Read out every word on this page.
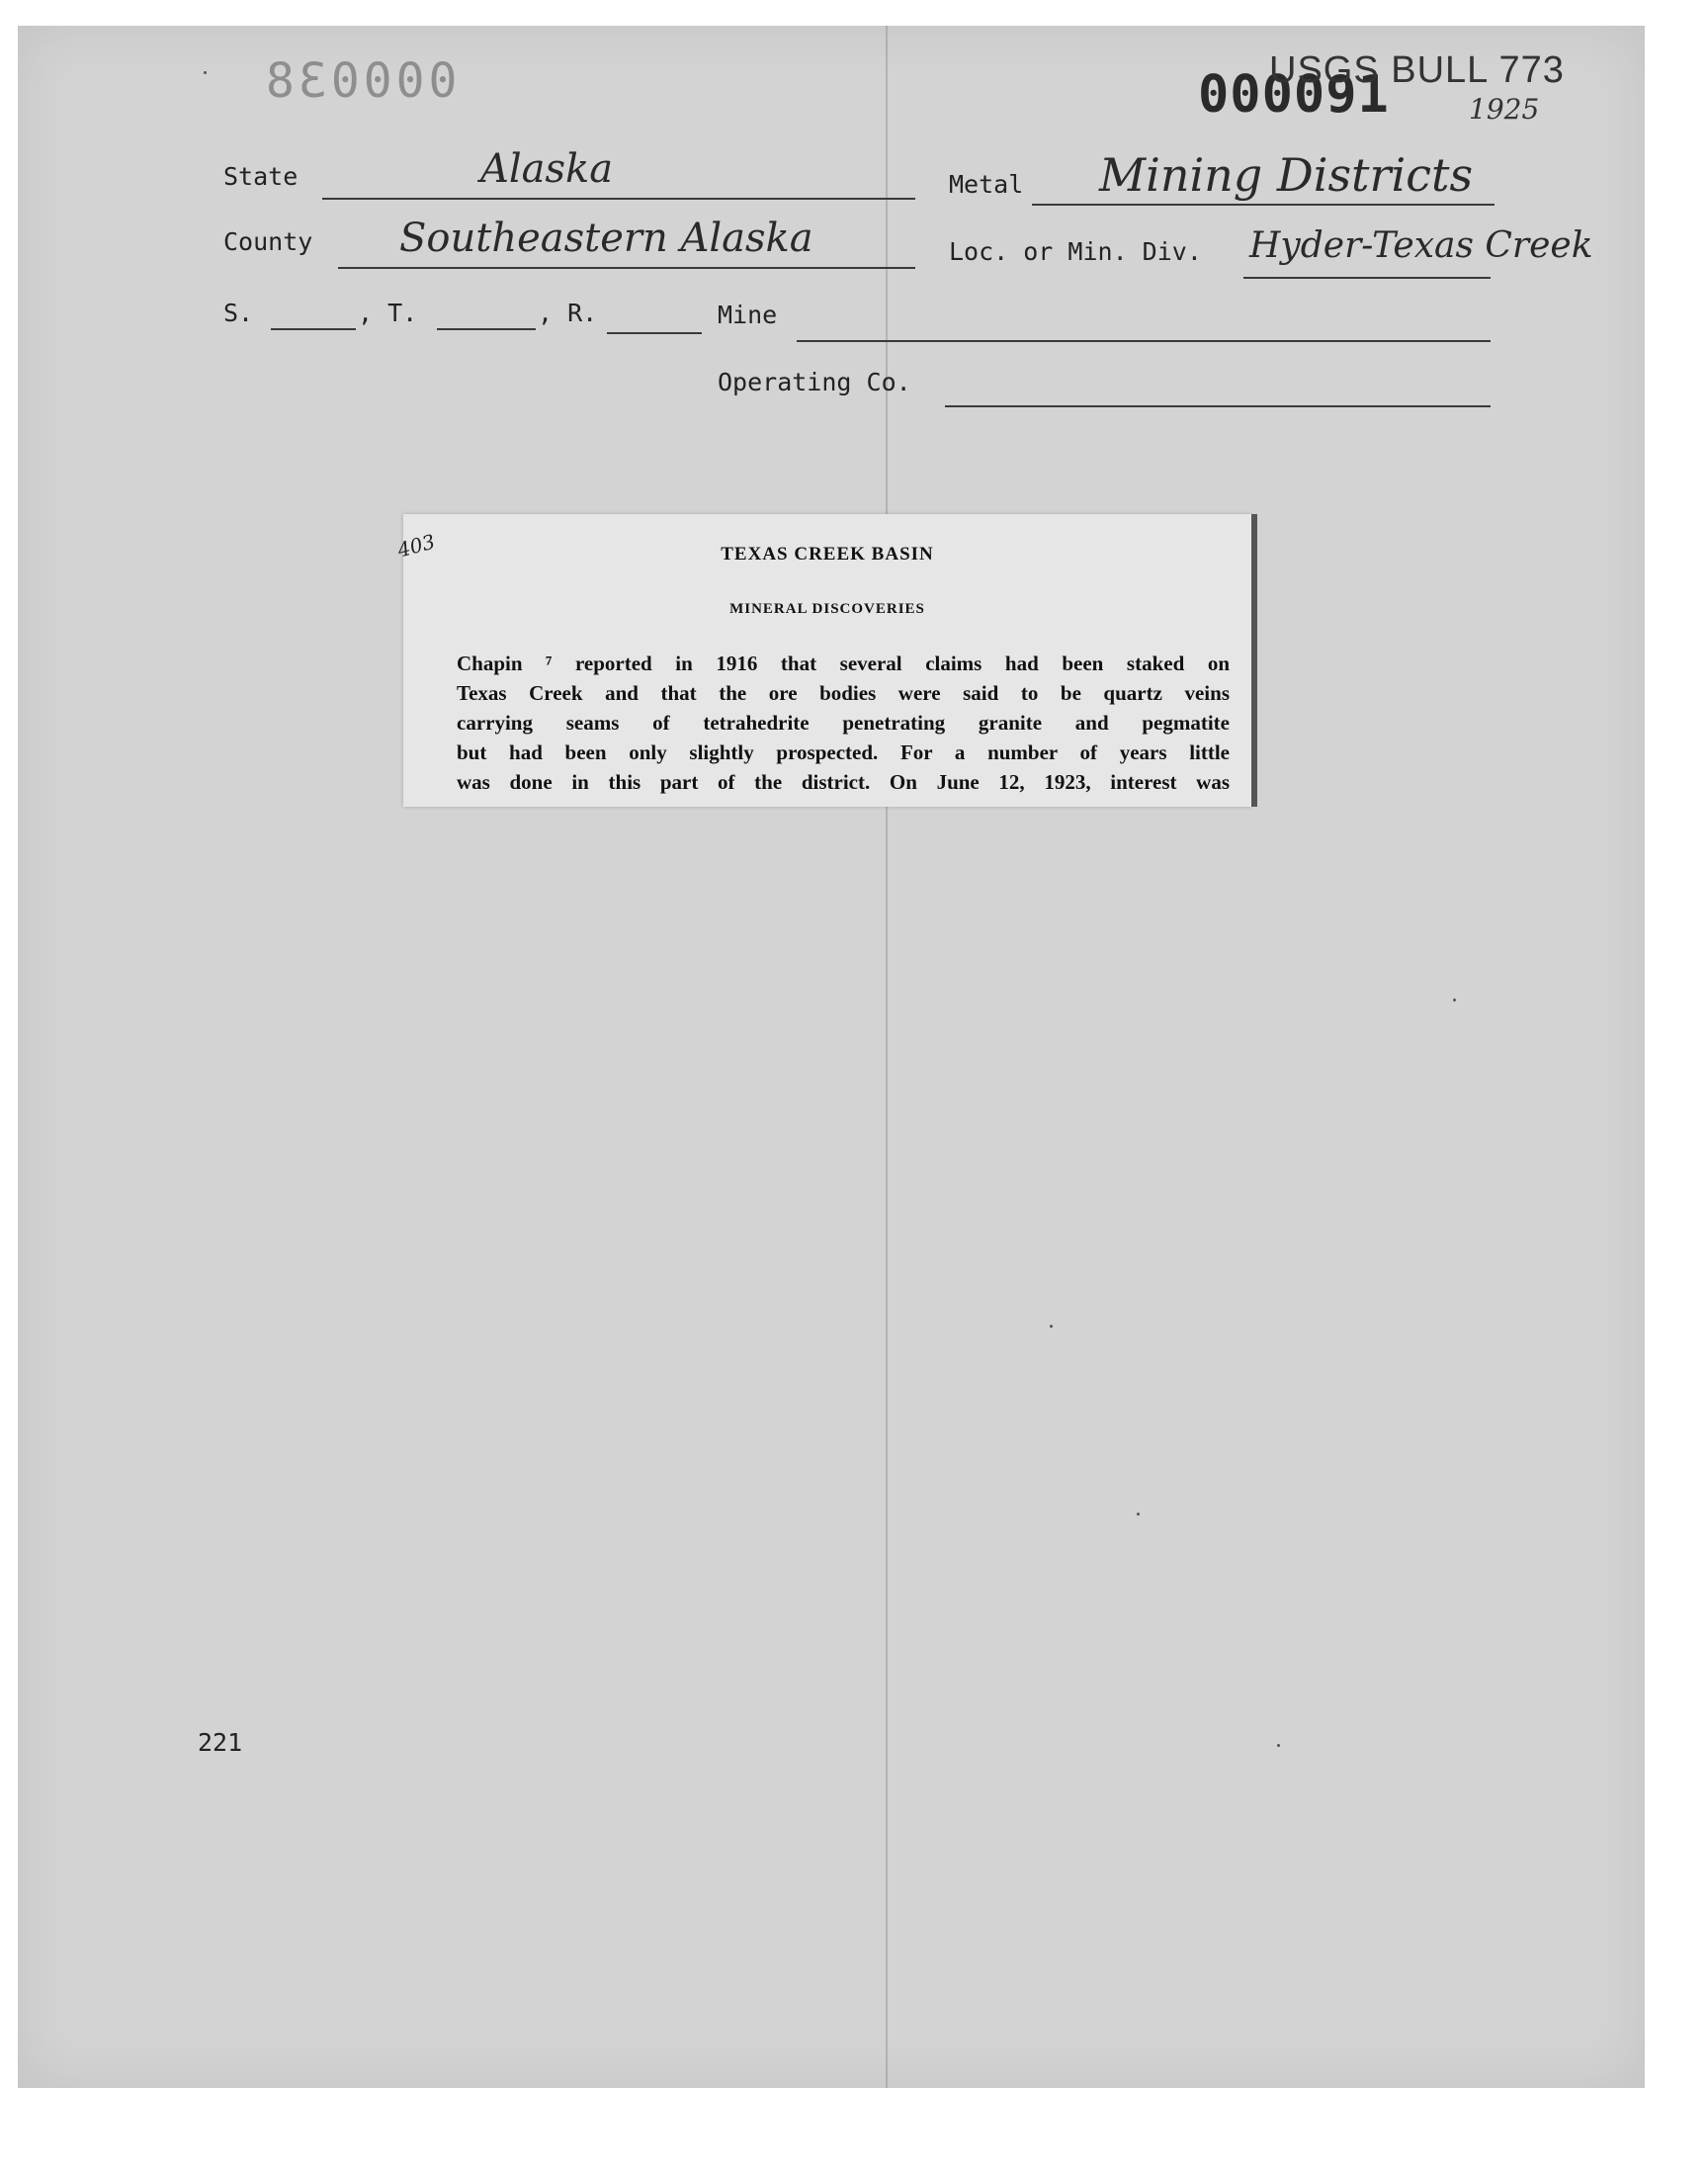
000038	000091
USGS BULL 773
1925
State	Alaska	Metal Mining Districts
County Southeastern Alaska	Loc. or Min. Div. Hyder-Texas Creek
S.	, T.	, R.	Mine
Operating Co.
TEXAS CREEK BASIN
MINERAL DISCOVERIES
Chapin ⁷ reported in 1916 that several claims had been staked on
Texas Creek and that the ore bodies were said to be quartz veins
carrying seams of tetrahedrite penetrating granite and pegmatite
but had been only slightly prospected. For a number of years little
was done in this part of the district. On June 12, 1923, interest was
403
221
